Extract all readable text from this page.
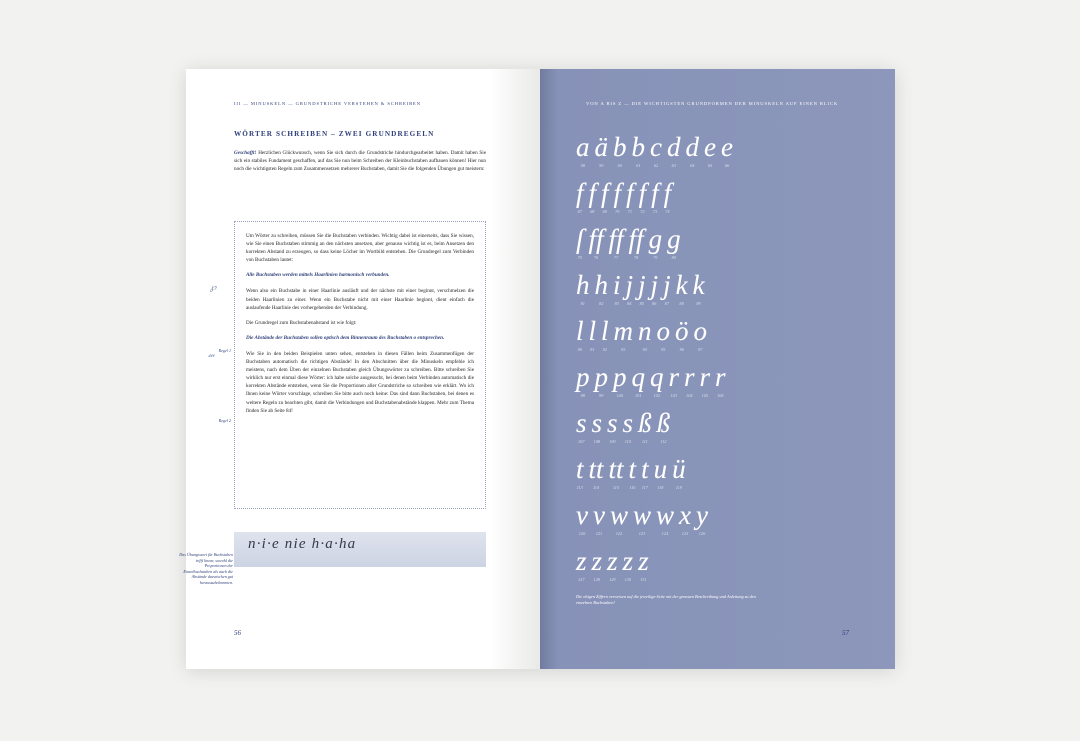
III — MINUSKELN — GRUNDSTRICHE VERSTEHEN & SCHREIBEN
WÖRTER SCHREIBEN – ZWEI GRUNDREGELN

Geschafft! Herzlichen Glückwunsch, wenn Sie sich durch die Grundstriche hindurchgearbeitet haben. Damit haben Sie sich ein stabiles Fundament geschaffen, auf das Sie nun beim Schreiben der Kleinbuchstaben aufbauen können! Hier nun noch die wichtigsten Regeln zum Zusammensetzen mehrerer Buchstaben, damit Sie die folgenden Übungen gut meistern:

℘
𝓂 Regel 1
Regel 2
Das Übungswort für Buchstaben trifft linear, sowohl die Proportionen der Einzelbuchstaben als auch die Abstände dazwischen gut herauszubekommen.

Um Wörter zu schreiben, müssen Sie die Buchstaben verbinden. Wichtig dabei ist einerseits, dass Sie wissen, wie Sie einen Buchstaben stimmig an den nächsten ansetzen, aber genauso wichtig ist es, beim Ansetzen den korrekten Abstand zu erzeugen, so dass keine Löcher im Wortbild entstehen. Die Grundregel zum Verbinden von Buchstaben lautet:

Alle Buchstaben werden mittels Haarlinien harmonisch verbunden.

Wenn also ein Buchstabe in einer Haarlinie ausläuft und der nächste mit einer beginnt, verschmelzen die beiden Haarlinien zu einer. Wenn ein Buchstabe nicht mit einer Haarlinie beginnt, dient einfach die auslaufende Haarlinie des vorhergehenden der Verbindung.

Die Grundregel zum Buchstabenabstand ist wie folgt:

Die Abstände der Buchstaben sollen optisch dem Binnenraum des Buchstaben o entsprechen.

Wie Sie in den beiden Beispielen unten sehen, entstehen in diesen Fällen beim Zusammenfügen der Buchstaben automatisch die richtigen Abstände! In den Abschnitten über die Minuskeln empfehle ich meistens, nach dem Üben der einzelnen Buchstaben gleich Übungswörter zu schreiben. Bitte schreiben Sie wirklich nur erst einmal diese Wörter: ich habe solche ausgesucht, bei denen beim Verbinden automatisch die korrekten Abstände entstehen, wenn Sie die Proportionen aller Grundstriche so schreiben wie erklärt. Wo ich Ihnen keine Wörter vorschlage, schreiben Sie bitte auch noch keine: Das sind dann Buchstaben, bei denen es weitere Regeln zu beachten gibt, damit die Verbindungen und Buchstabenabstände klappen. Mehr zum Thema finden Sie ab Seite 84!

n·i·e nie h·a·ha
56
VON A BIS Z — DIE WICHTIGSTEN GRUNDFORMEN DER MINUSKELN AUF EINEN BLICK
a
58
ä
59
b
60
b
61
c
62
d
63
d
64
e
65
e
66
f
67
f
68
f
69
f
70
f
71
f
72
f
73
f
74
ſ
75
ff
76
ff
77
ff
78
g
79
g
80
h
81
h
82
i
83
j
84
j
85
j
86
j
87
k
88
k
89
l
90
l
91
l
92
m
93
n
94
o
95
ö
96
o
97
p
98
p
99
p
100
q
101
q
102
r
103
r
104
r
105
r
106
s
107
s
108
s
109
s
110
ß
111
ß
112
t
113
tt
114
tt
115
t
116
t
117
u
118
ü
119
v
120
v
121
w
122
w
123
w
124
x
125
y
126
z
127
z
128
z
129
z
130
z
131
Die obigen Ziffern verweisen auf die jeweilige Seite mit der genauen Beschreibung und Anleitung zu den einzelnen Buchstaben!
57
